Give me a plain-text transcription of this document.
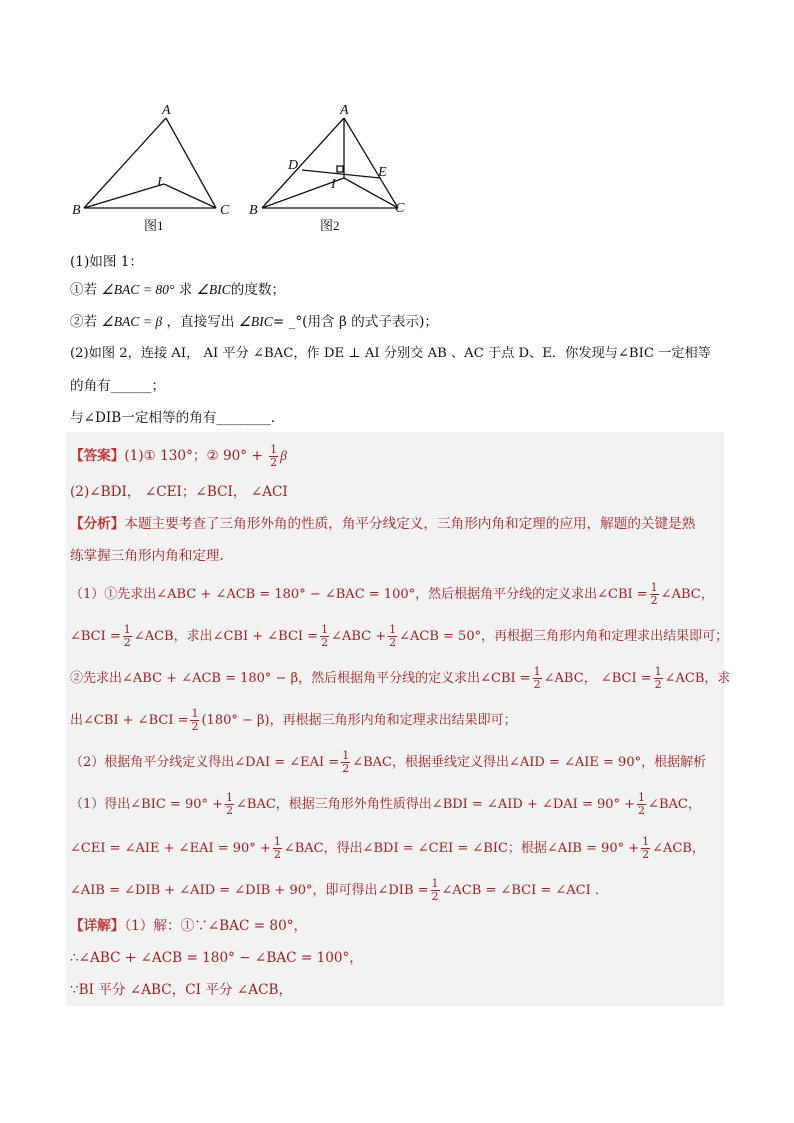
A
B	C
I
图1
A
B	C
D	E
I
图2
(1)如图 1：
①若 ∠BAC = 80° 求 ∠BIC的度数；
②若 ∠BAC = β ，直接写出 ∠BIC= _°(用含 β 的式子表示)；
(2)如图 2，连接 AI， AI 平分 ∠BAC，作 DE ⊥ AI 分别交 AB 、AC 于点 D、E．你发现与∠BIC 一定相等
的角有______；
与∠DIB一定相等的角有________．
【答案】(1)① 130°；② $90^\circ + \frac{1}{2}$ β
(2)∠BDI， ∠CEI；∠BCI， ∠ACI
【分析】本题主要考查了三角形外角的性质，角平分线定义，三角形内角和定理的应用，解题的关键是熟
练掌握三角形内角和定理．
（1）①先求出∠ABC + ∠ACB = 180° − ∠BAC = 100°，然后根据角平分线的定义求出∠CBI = $\frac{1}{2}$ ∠ABC，
∠BCI = $\frac{1}{2}$ ∠ACB，求出∠CBI + ∠BCI = $\frac{1}{2}$ ∠ABC + $\frac{1}{2}$ ∠ACB = 50°，再根据三角形内角和定理求出结果即可；
②先求出∠ABC + ∠ACB = 180° − β，然后根据角平分线的定义求出∠CBI = $\frac{1}{2}$ ∠ABC， ∠BCI = $\frac{1}{2}$ ∠ACB，求
出∠CBI + ∠BCI = $\frac{1}{2} (180^\circ - \beta)$，再根据三角形内角和定理求出结果即可；
（2）根据角平分线定义得出∠DAI = ∠EAI = $\frac{1}{2}$ ∠BAC，根据垂线定义得出∠AID = ∠AIE = 90°，根据解析
（1）得出∠BIC = $90^\circ + \frac{1}{2}$ ∠BAC，根据三角形外角性质得出∠BDI = ∠AID + ∠DAI = $90^\circ + \frac{1}{2}$ ∠BAC，
∠CEI = ∠AIE + ∠EAI = $90^\circ + \frac{1}{2}$ ∠BAC，得出∠BDI = ∠CEI = ∠BIC；根据∠AIB = $90^\circ + \frac{1}{2}$ ∠ACB，
∠AIB = ∠DIB + ∠AID = ∠DIB + 90°，即可得出∠DIB = $\frac{1}{2}$ ∠ACB = ∠BCI = ∠ACI ．
【详解】（1）解：①∵∠BAC = 80°，
∴∠ABC + ∠ACB = 180° − ∠BAC = 100°，
∵BI 平分 ∠ABC，CI 平分 ∠ACB，
